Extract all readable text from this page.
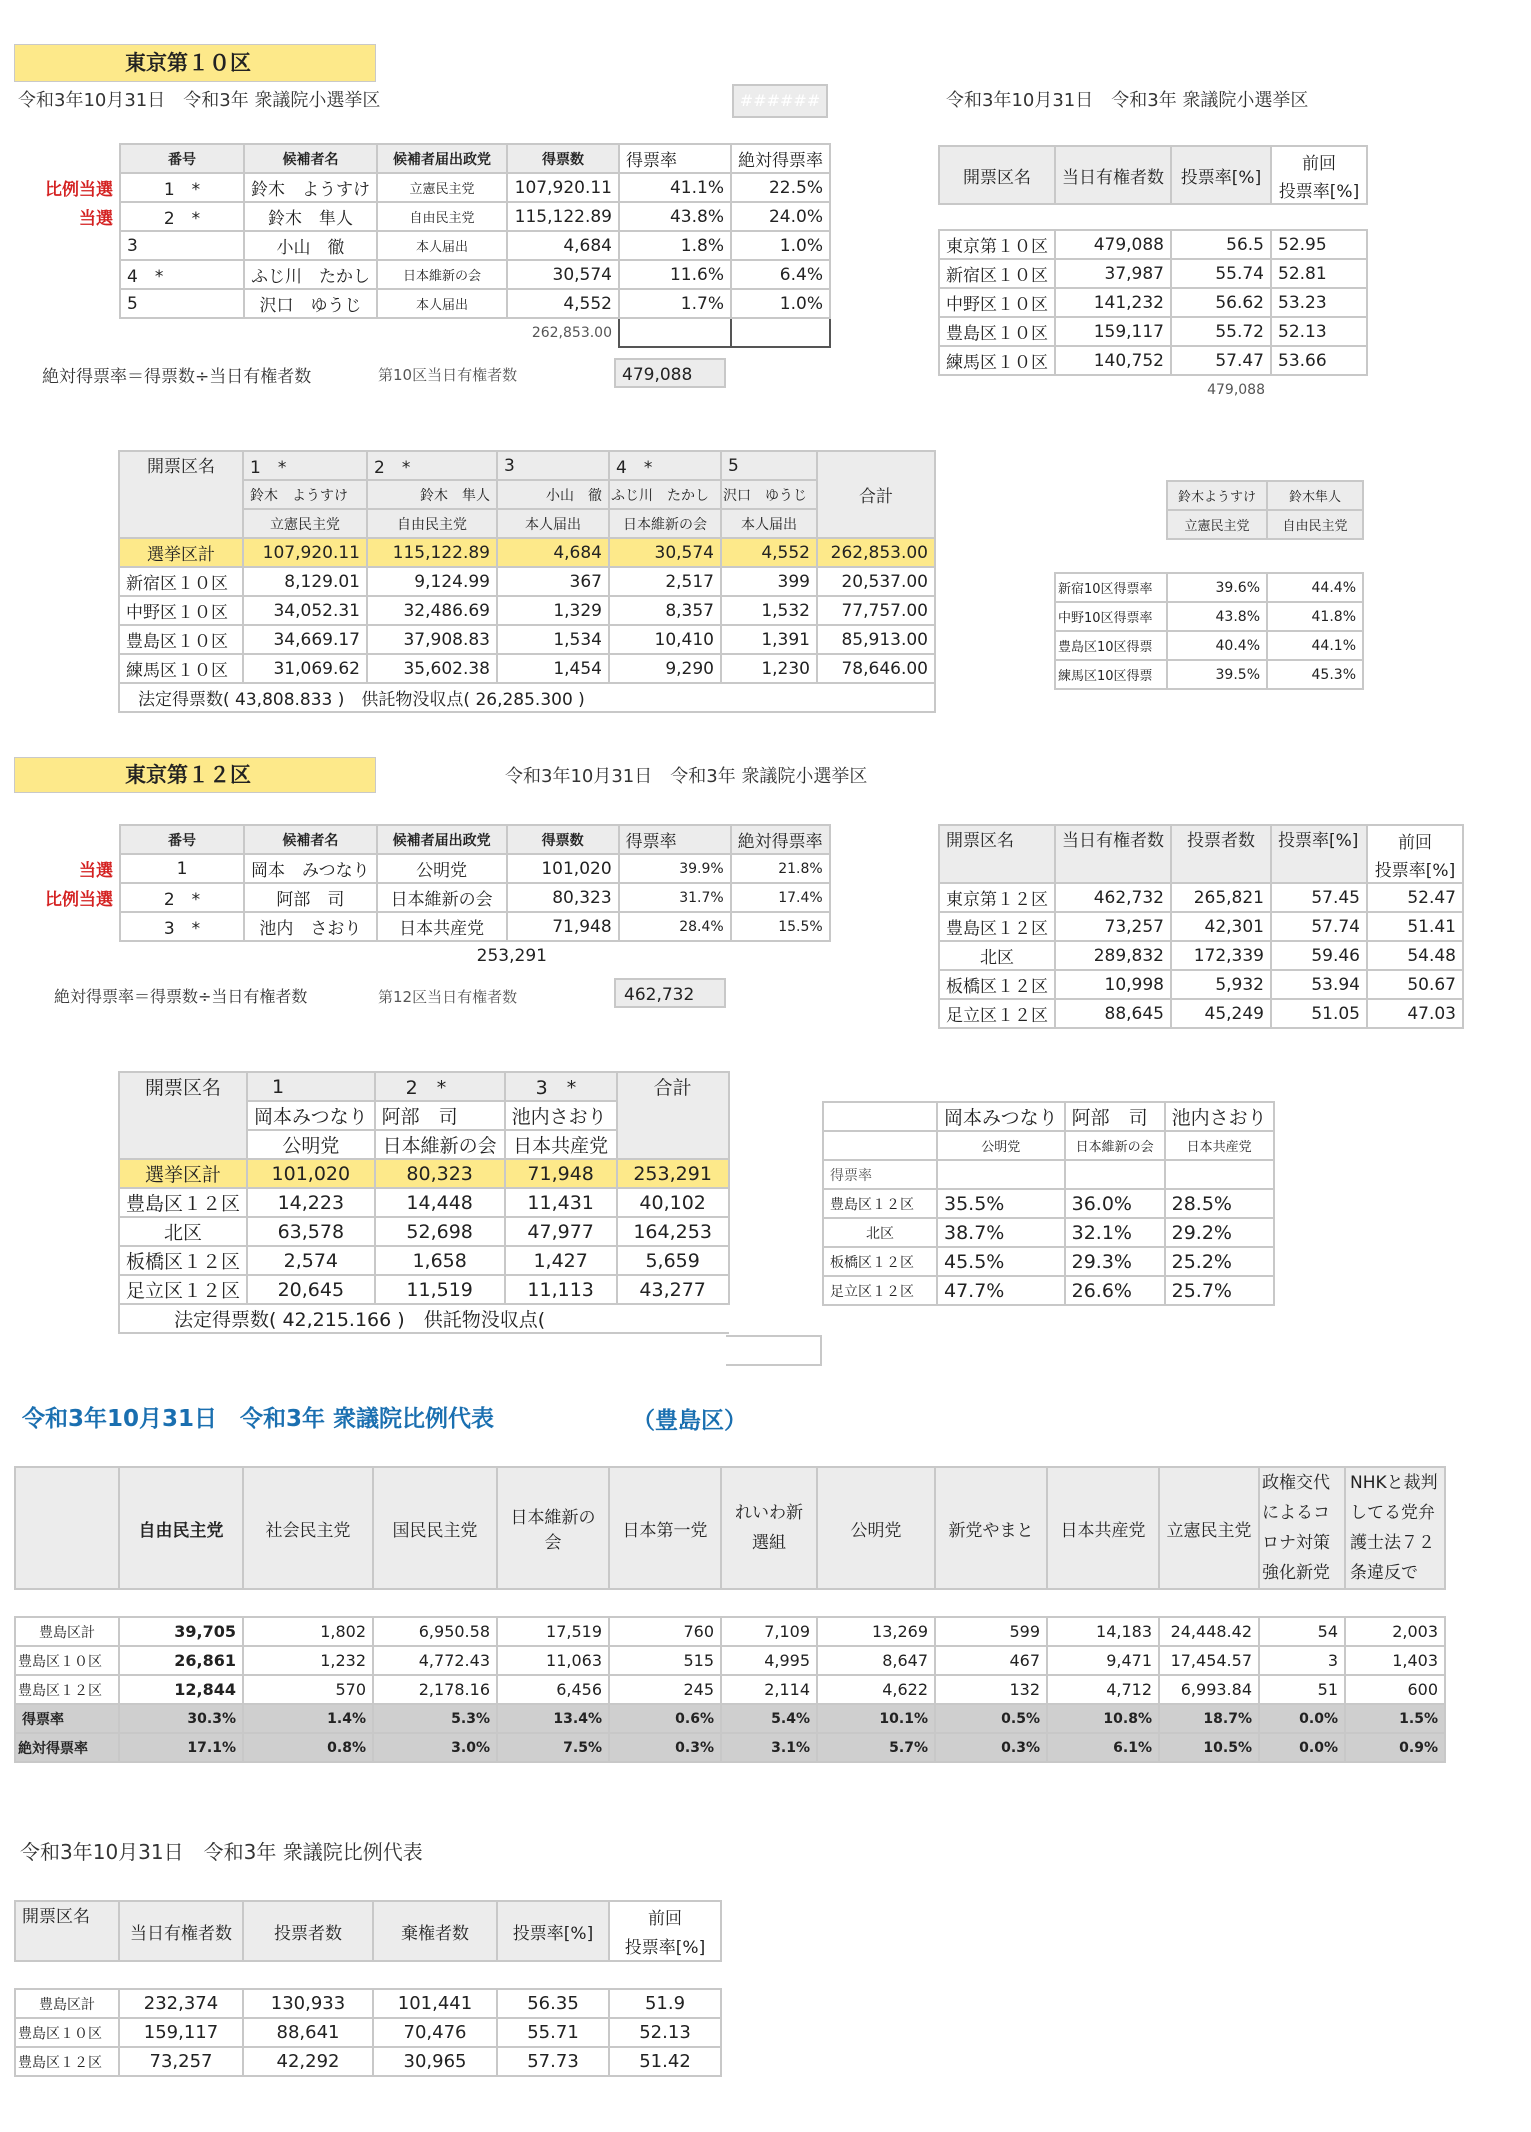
東京第１０区
令和3年10月31日　令和3年 衆議院小選挙区	######	令和3年10月31日　令和3年 衆議院小選挙区
	番号	候補者名	候補者届出政党	得票数	得票率	絶対得票率
比例当選	1　*	鈴木　ようすけ	立憲民主党	107,920.11	41.1%	22.5%
当選	2　*	鈴木　隼人	自由民主党	115,122.89	43.8%	24.0%
	3	小山　徹	本人届出	4,684	1.8%	1.0%
	4　*	ふじ川　たかし	日本維新の会	30,574	11.6%	6.4%
	5	沢口　ゆうじ	本人届出	4,552	1.7%	1.0%
				262,853.00		
絶対得票率＝得票数÷当日有権者数	第10区当日有権者数	479,088
開票区名	当日有権者数	投票率[%]	前回
			投票率[%]

東京第１０区	479,088	56.5	52.95
新宿区１０区	37,987	55.74	52.81
中野区１０区	141,232	56.62	53.23
豊島区１０区	159,117	55.72	52.13
練馬区１０区	140,752	57.47	53.66
		479,088	
開票区名	1　*	2　*	3	4　*	5	合計
	鈴木　ようすけ	鈴木　隼人	小山　徹	ふじ川　たかし	沢口　ゆうじ	
	立憲民主党	自由民主党	本人届出	日本維新の会	本人届出	
選挙区計	107,920.11	115,122.89	4,684	30,574	4,552	262,853.00
新宿区１０区	8,129.01	9,124.99	367	2,517	399	20,537.00
中野区１０区	34,052.31	32,486.69	1,329	8,357	1,532	77,757.00
豊島区１０区	34,669.17	37,908.83	1,534	10,410	1,391	85,913.00
練馬区１０区	31,069.62	35,602.38	1,454	9,290	1,230	78,646.00
法定得票数( 43,808.833 )　供託物没収点( 26,285.300 )						
鈴木ようすけ	鈴木隼人
立憲民主党	自由民主党
新宿10区得票率	39.6%	44.4%
中野10区得票率	43.8%	41.8%
豊島区10区得票	40.4%	44.1%
練馬区10区得票	39.5%	45.3%
東京第１２区	令和3年10月31日　令和3年 衆議院小選挙区
	番号	候補者名	候補者届出政党	得票数	得票率	絶対得票率
当選	1	岡本　みつなり	公明党	101,020	39.9%	21.8%
比例当選	2　*	阿部　司	日本維新の会	80,323	31.7%	17.4%
	3　*	池内　さおり	日本共産党	71,948	28.4%	15.5%
			253,291			
絶対得票率＝得票数÷当日有権者数	第12区当日有権者数	462,732
開票区名	当日有権者数	投票者数	投票率[%]	前回
				投票率[%]
東京第１２区	462,732	265,821	57.45	52.47
豊島区１２区	73,257	42,301	57.74	51.41
北区	289,832	172,339	59.46	54.48
板橋区１２区	10,998	5,932	53.94	50.67
足立区１２区	88,645	45,249	51.05	47.03
開票区名	1	2　*	3　*	合計
	岡本みつなり	阿部　司	池内さおり	
	公明党	日本維新の会	日本共産党	
選挙区計	101,020	80,323	71,948	253,291
豊島区１２区	14,223	14,448	11,431	40,102
北区	63,578	52,698	47,977	164,253
板橋区１２区	2,574	1,658	1,427	5,659
足立区１２区	20,645	11,519	11,113	43,277
法定得票数( 42,215.166 )　供託物没収点(				
	岡本みつなり	阿部　司	池内さおり
	公明党	日本維新の会	日本共産党
得票率			
豊島区１２区	35.5%	36.0%	28.5%
北区	38.7%	32.1%	29.2%
板橋区１２区	45.5%	29.3%	25.2%
足立区１２区	47.7%	26.6%	25.7%
令和3年10月31日　令和3年 衆議院比例代表	（豊島区）
	自由民主党	社会民主党	国民民主党	日本維新の会	日本第一党	れいわ新選組	公明党	新党やまと	日本共産党	立憲民主党	政権交代によるコロナ対策強化新党	NHKと裁判してる党弁護士法７２条違反で
豊島区計	39,705	1,802	6,950.58	17,519	760	7,109	13,269	599	14,183	24,448.42	54	2,003
豊島区１０区	26,861	1,232	4,772.43	11,063	515	4,995	8,647	467	9,471	17,454.57	3	1,403
豊島区１２区	12,844	570	2,178.16	6,456	245	2,114	4,622	132	4,712	6,993.84	51	600
得票率	30.3%	1.4%	5.3%	13.4%	0.6%	5.4%	10.1%	0.5%	10.8%	18.7%	0.0%	1.5%
絶対得票率	17.1%	0.8%	3.0%	7.5%	0.3%	3.1%	5.7%	0.3%	6.1%	10.5%	0.0%	0.9%
令和3年10月31日　令和3年 衆議院比例代表
開票区名	当日有権者数	投票者数	棄権者数	投票率[%]	前回
投票率[%]
豊島区計	232,374	130,933	101,441	56.35	51.9
豊島区１０区	159,117	88,641	70,476	55.71	52.13
豊島区１２区	73,257	42,292	30,965	57.73	51.42
